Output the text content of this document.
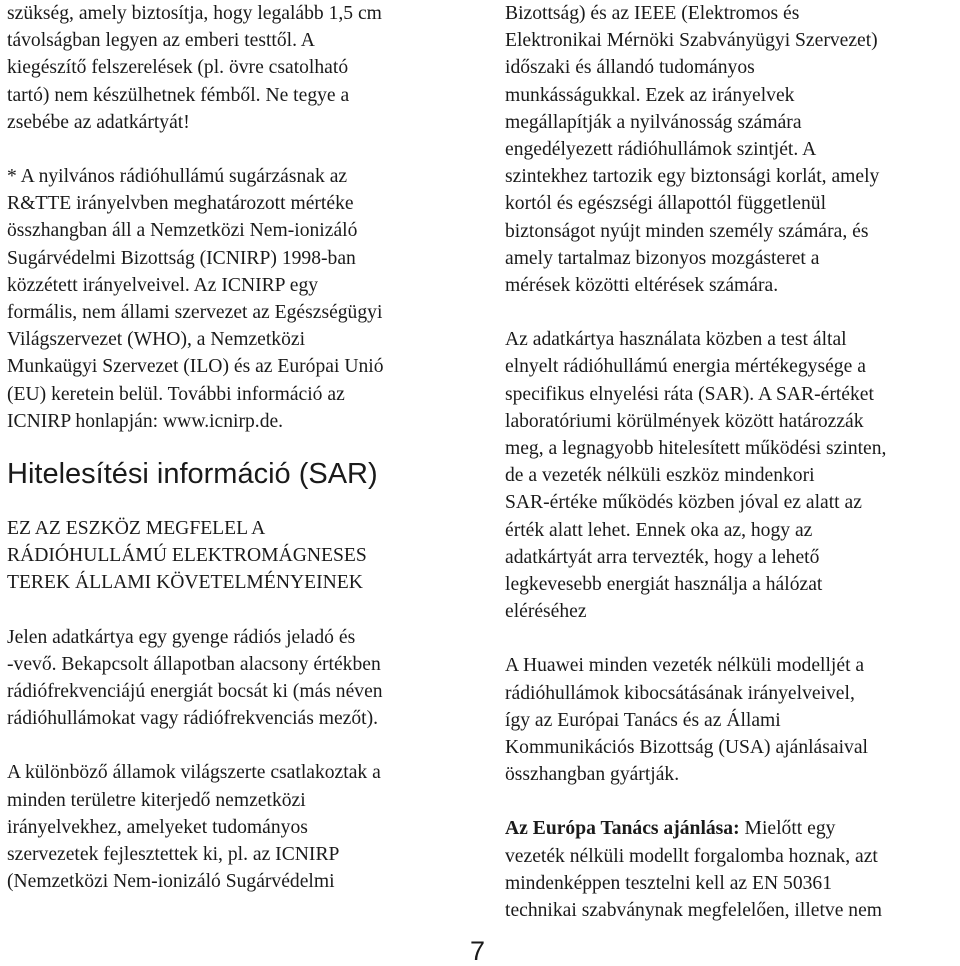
szükség, amely biztosítja, hogy legalább 1,5 cm
távolságban legyen az emberi testtől. A
kiegészítő felszerelések (pl. övre csatolható
tartó) nem készülhetnek fémből. Ne tegye a
zsebébe az adatkártyát!

* A nyilvános rádióhullámú sugárzásnak az
R&TTE irányelvben meghatározott mértéke
összhangban áll a Nemzetközi Nem-ionizáló
Sugárvédelmi Bizottság (ICNIRP) 1998-ban
közzétett irányelveivel. Az ICNIRP egy
formális, nem állami szervezet az Egészségügyi
Világszervezet (WHO), a Nemzetközi
Munkaügyi Szervezet (ILO) és az Európai Unió
(EU) keretein belül. További információ az
ICNIRP honlapján: www.icnirp.de.

Hitelesítési információ (SAR)

EZ AZ ESZKÖZ MEGFELEL A
RÁDIÓHULLÁMÚ ELEKTROMÁGNESES
TEREK ÁLLAMI KÖVETELMÉNYEINEK

Jelen adatkártya egy gyenge rádiós jeladó és
-vevő. Bekapcsolt állapotban alacsony értékben
rádiófrekvenciájú energiát bocsát ki (más néven
rádióhullámokat vagy rádiófrekvenciás mezőt).

A különböző államok világszerte csatlakoztak a
minden területre kiterjedő nemzetközi
irányelvekhez, amelyeket tudományos
szervezetek fejlesztettek ki, pl. az ICNIRP
(Nemzetközi Nem-ionizáló Sugárvédelmi

Bizottság) és az IEEE (Elektromos és
Elektronikai Mérnöki Szabványügyi Szervezet)
időszaki és állandó tudományos
munkásságukkal. Ezek az irányelvek
megállapítják a nyilvánosság számára
engedélyezett rádióhullámok szintjét. A
szintekhez tartozik egy biztonsági korlát, amely
kortól és egészségi állapottól függetlenül
biztonságot nyújt minden személy számára, és
amely tartalmaz bizonyos mozgásteret a
mérések közötti eltérések számára.

Az adatkártya használata közben a test által
elnyelt rádióhullámú energia mértékegysége a
specifikus elnyelési ráta (SAR). A SAR-értéket
laboratóriumi körülmények között határozzák
meg, a legnagyobb hitelesített működési szinten,
de a vezeték nélküli eszköz mindenkori
SAR-értéke működés közben jóval ez alatt az
érték alatt lehet. Ennek oka az, hogy az
adatkártyát arra tervezték, hogy a lehető
legkevesebb energiát használja a hálózat
eléréséhez

A Huawei minden vezeték nélküli modelljét a
rádióhullámok kibocsátásának irányelveivel,
így az Európai Tanács és az Állami
Kommunikációs Bizottság (USA) ajánlásaival
összhangban gyártják.

Az Európa Tanács ajánlása: Mielőtt egy
vezeték nélküli modellt forgalomba hoznak, azt
mindenképpen tesztelni kell az EN 50361
technikai szabványnak megfelelően, illetve nem

7
